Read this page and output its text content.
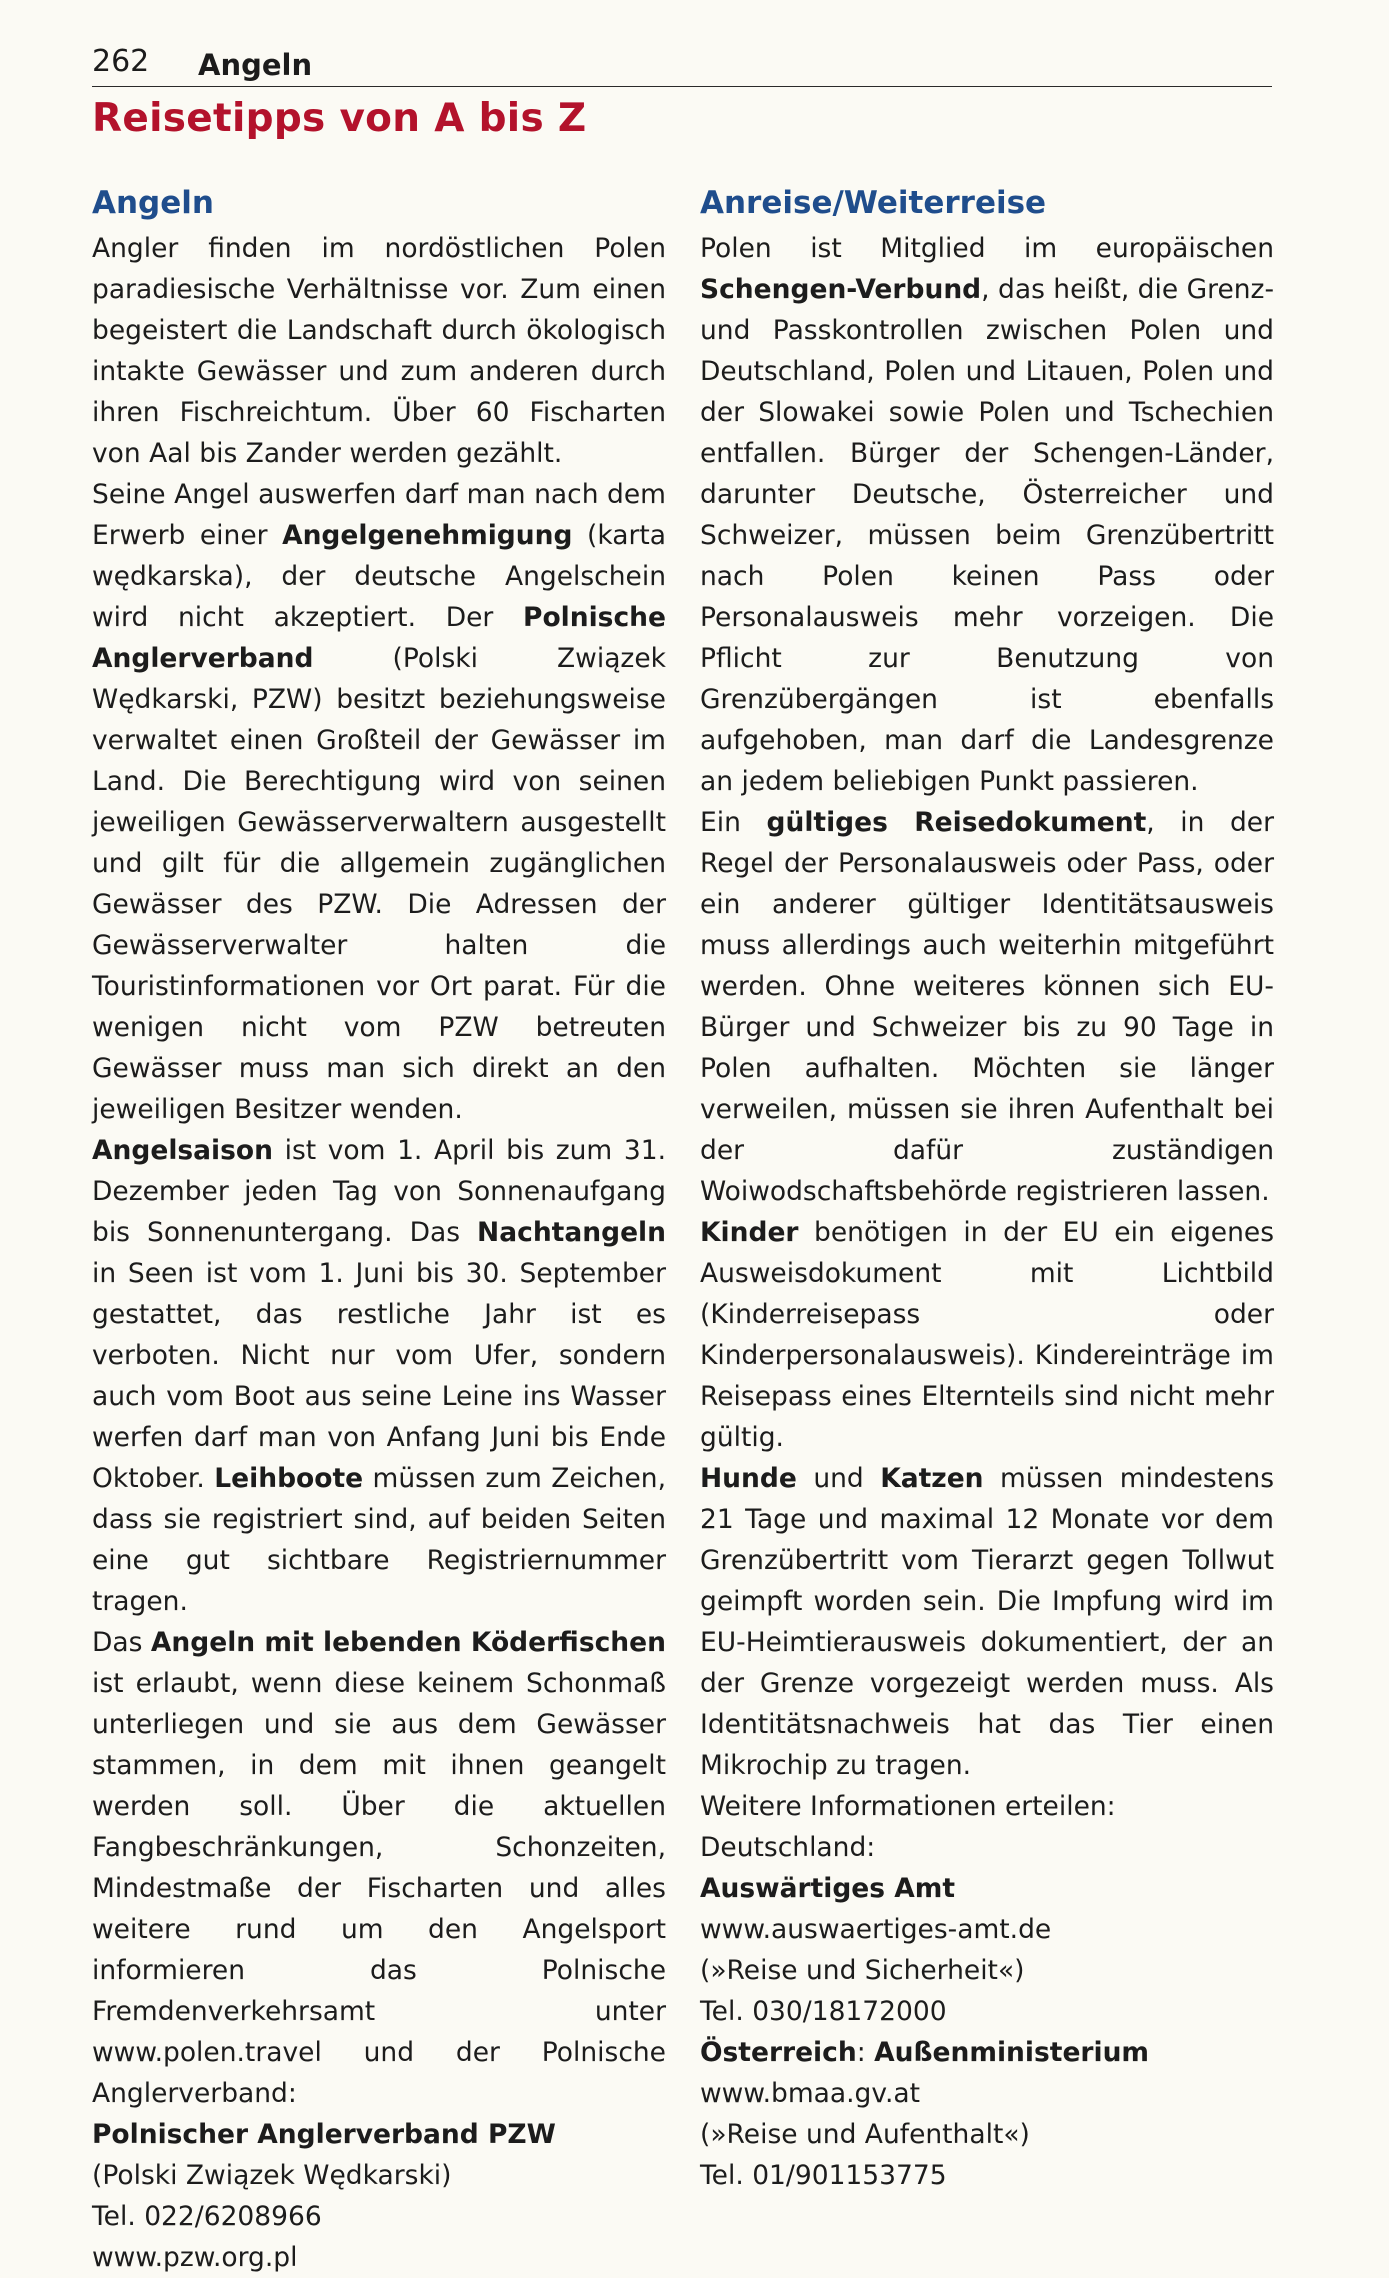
262 Angeln
Reisetipps von A bis Z
Angeln

Angler finden im nordöstlichen Polen paradiesische Verhältnisse vor. Zum einen begeistert die Landschaft durch ökologisch intakte Gewässer und zum anderen durch ihren Fischreichtum. Über 60 Fischarten von Aal bis Zander werden gezählt.

Seine Angel auswerfen darf man nach dem Erwerb einer Angelgenehmigung (karta wędkarska), der deutsche Angelschein wird nicht akzeptiert. Der Polnische Anglerverband (Polski Związek Wędkarski, PZW) besitzt beziehungsweise verwaltet einen Großteil der Gewässer im Land. Die Berechtigung wird von seinen jeweiligen Gewässerverwaltern ausgestellt und gilt für die allgemein zugänglichen Gewässer des PZW. Die Adressen der Gewässerverwalter halten die Touristinformationen vor Ort parat. Für die wenigen nicht vom PZW betreuten Gewässer muss man sich direkt an den jeweiligen Besitzer wenden.

Angelsaison ist vom 1. April bis zum 31. Dezember jeden Tag von Sonnenaufgang bis Sonnenuntergang. Das Nachtangeln in Seen ist vom 1. Juni bis 30. September gestattet, das restliche Jahr ist es verboten. Nicht nur vom Ufer, sondern auch vom Boot aus seine Leine ins Wasser werfen darf man von Anfang Juni bis Ende Oktober. Leihboote müssen zum Zeichen, dass sie registriert sind, auf beiden Seiten eine gut sichtbare Registriernummer tragen.

Das Angeln mit lebenden Köderfischen ist erlaubt, wenn diese keinem Schonmaß unterliegen und sie aus dem Gewässer stammen, in dem mit ihnen geangelt werden soll. Über die aktuellen Fangbeschränkungen, Schonzeiten, Mindestmaße der Fischarten und alles weitere rund um den Angelsport informieren das Polnische Fremdenverkehrsamt unter www.polen.travel und der Polnische Anglerverband:

Polnischer Anglerverband PZW
(Polski Związek Wędkarski)
Tel. 022/6208966
www.pzw.org.pl
Anreise/Weiterreise

Polen ist Mitglied im europäischen Schengen-Verbund, das heißt, die Grenz- und Passkontrollen zwischen Polen und Deutschland, Polen und Litauen, Polen und der Slowakei sowie Polen und Tschechien entfallen. Bürger der Schengen-Länder, darunter Deutsche, Österreicher und Schweizer, müssen beim Grenzübertritt nach Polen keinen Pass oder Personalausweis mehr vorzeigen. Die Pflicht zur Benutzung von Grenzübergängen ist ebenfalls aufgehoben, man darf die Landesgrenze an jedem beliebigen Punkt passieren.

Ein gültiges Reisedokument, in der Regel der Personalausweis oder Pass, oder ein anderer gültiger Identitätsausweis muss allerdings auch weiterhin mitgeführt werden. Ohne weiteres können sich EU-Bürger und Schweizer bis zu 90 Tage in Polen aufhalten. Möchten sie länger verweilen, müssen sie ihren Aufenthalt bei der dafür zuständigen Woiwodschaftsbehörde registrieren lassen.

Kinder benötigen in der EU ein eigenes Ausweisdokument mit Lichtbild (Kinderreisepass oder Kinderpersonalausweis). Kindereinträge im Reisepass eines Elternteils sind nicht mehr gültig.

Hunde und Katzen müssen mindestens 21 Tage und maximal 12 Monate vor dem Grenzübertritt vom Tierarzt gegen Tollwut geimpft worden sein. Die Impfung wird im EU-Heimtierausweis dokumentiert, der an der Grenze vorgezeigt werden muss. Als Identitätsnachweis hat das Tier einen Mikrochip zu tragen.

Weitere Informationen erteilen:
Deutschland:
Auswärtiges Amt
www.auswaertiges-amt.de
(»Reise und Sicherheit«)
Tel. 030/18172000
Österreich: Außenministerium
www.bmaa.gv.at
(»Reise und Aufenthalt«)
Tel. 01/901153775
